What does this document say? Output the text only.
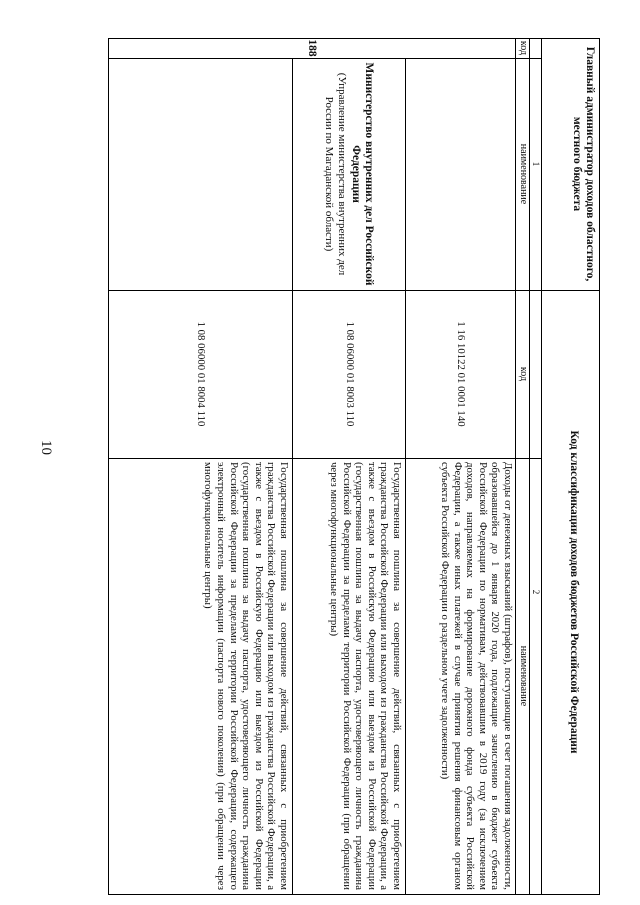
10
Главный администратор доходов областного, местного бюджета
Код классификации доходов бюджетов Российской Федерации
1
2
код
наименование
код
наименование
188
Министерство внутренних дел Российской Федерации
(Управление министерства внутренних дел России по Магаданской области)
1 16 10122 01 0001 140
Доходы от денежных взысканий (штрафов), поступающие в счет погашения задолженности, образовавшейся до 1 января 2020 года, подлежащие зачислению в бюджет субъекта Российской Федерации по нормативам, действовавшим в 2019 году (за исключением доходов, направляемых на формирование дорожного фонда субъекта Российской Федерации, а также иных платежей в случае принятия решения финансовым органом субъекта Российской Федерации о раздельном учете задолженности)
1 08 06000 01 8003 110
Государственная пошлина за совершение действий, связанных с приобретением гражданства Российской Федерации или выходом из гражданства Российской Федерации, а также с въездом в Российскую Федерацию или выездом из Российской Федерации (государственная пошлина за выдачу паспорта, удостоверяющего личность гражданина Российской Федерации за пределами территории Российской Федерации (при обращении через многофункциональные центры)
1 08 06000 01 8004 110
Государственная пошлина за совершение действий, связанных с приобретением гражданства Российской Федерации или выходом из гражданства Российской Федерации, а также с въездом в Российскую Федерацию или выездом из Российской Федерации (государственная пошлина за выдачу паспорта, удостоверяющего личность гражданина Российской Федерации за пределами территории Российской Федерации, содержащего электронный носитель информации (паспорта нового поколения) (при обращении через многофункциональные центры)
